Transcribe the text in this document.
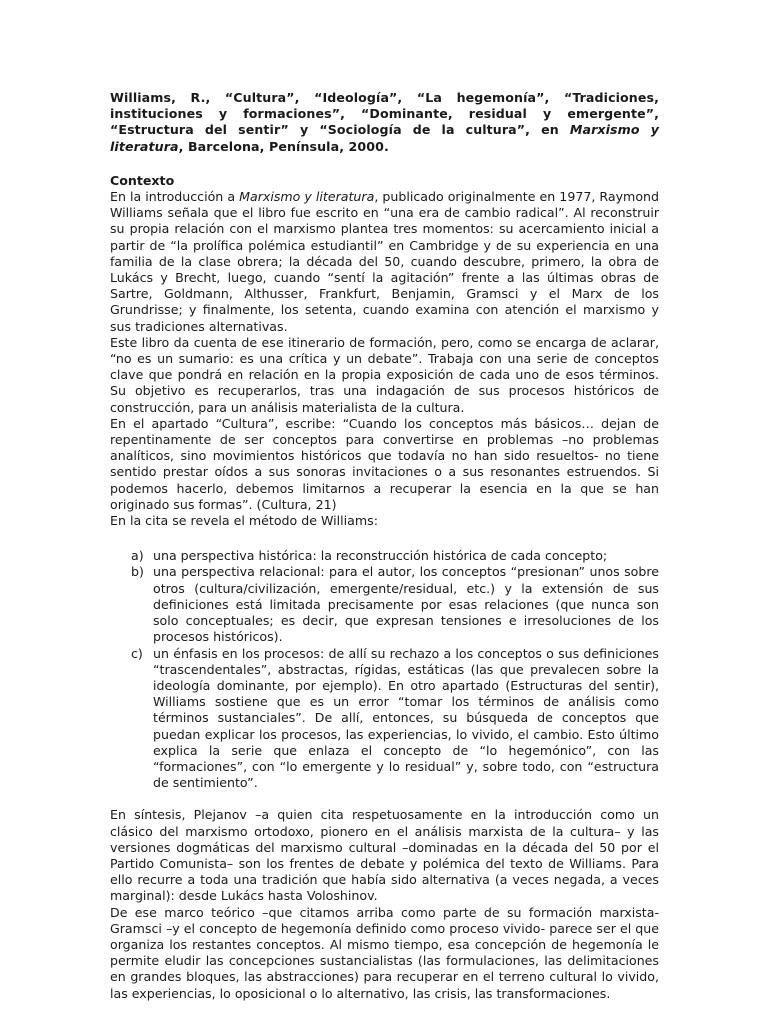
Williams, R., “Cultura”, “Ideología”, “La hegemonía”, “Tradiciones, instituciones y formaciones”, “Dominante, residual y emergente”, “Estructura del sentir” y “Sociología de la cultura”, en Marxismo y literatura, Barcelona, Península, 2000.

Contexto

En la introducción a Marxismo y literatura, publicado originalmente en 1977, Raymond Williams señala que el libro fue escrito en “una era de cambio radical”. Al reconstruir su propia relación con el marxismo plantea tres momentos: su acercamiento inicial a partir de “la prolífica polémica estudiantil” en Cambridge y de su experiencia en una familia de la clase obrera; la década del 50, cuando descubre, primero, la obra de Lukács y Brecht, luego, cuando “sentí la agitación” frente a las últimas obras de Sartre, Goldmann, Althusser, Frankfurt, Benjamin, Gramsci y el Marx de los Grundrisse; y finalmente, los setenta, cuando examina con atención el marxismo y sus tradiciones alternativas.

Este libro da cuenta de ese itinerario de formación, pero, como se encarga de aclarar, “no es un sumario: es una crítica y un debate”. Trabaja con una serie de conceptos clave que pondrá en relación en la propia exposición de cada uno de esos términos. Su objetivo es recuperarlos, tras una indagación de sus procesos históricos de construcción, para un análisis materialista de la cultura.

En el apartado “Cultura”, escribe: “Cuando los conceptos más básicos… dejan de repentinamente de ser conceptos para convertirse en problemas –no problemas analíticos, sino movimientos históricos que todavía no han sido resueltos- no tiene sentido prestar oídos a sus sonoras invitaciones o a sus resonantes estruendos. Si podemos hacerlo, debemos limitarnos a recuperar la esencia en la que se han originado sus formas”. (Cultura, 21)

En la cita se revela el método de Williams:

a) una perspectiva histórica: la reconstrucción histórica de cada concepto;
b) una perspectiva relacional: para el autor, los conceptos “presionan” unos sobre otros (cultura/civilización, emergente/residual, etc.) y la extensión de sus definiciones está limitada precisamente por esas relaciones (que nunca son solo conceptuales; es decir, que expresan tensiones e irresoluciones de los procesos históricos).
c) un énfasis en los procesos: de allí su rechazo a los conceptos o sus definiciones “trascendentales”, abstractas, rígidas, estáticas (las que prevalecen sobre la ideología dominante, por ejemplo). En otro apartado (Estructuras del sentir), Williams sostiene que es un error “tomar los términos de análisis como términos sustanciales”. De allí, entonces, su búsqueda de conceptos que puedan explicar los procesos, las experiencias, lo vivido, el cambio. Esto último explica la serie que enlaza el concepto de “lo hegemónico”, con las “formaciones”, con “lo emergente y lo residual” y, sobre todo, con “estructura de sentimiento”.

En síntesis, Plejanov –a quien cita respetuosamente en la introducción como un clásico del marxismo ortodoxo, pionero en el análisis marxista de la cultura– y las versiones dogmáticas del marxismo cultural –dominadas en la década del 50 por el Partido Comunista– son los frentes de debate y polémica del texto de Williams. Para ello recurre a toda una tradición que había sido alternativa (a veces negada, a veces marginal): desde Lukács hasta Voloshinov.

De ese marco teórico –que citamos arriba como parte de su formación marxista- Gramsci –y el concepto de hegemonía definido como proceso vivido- parece ser el que organiza los restantes conceptos. Al mismo tiempo, esa concepción de hegemonía le permite eludir las concepciones sustancialistas (las formulaciones, las delimitaciones en grandes bloques, las abstracciones) para recuperar en el terreno cultural lo vivido, las experiencias, lo oposicional o lo alternativo, las crisis, las transformaciones.
